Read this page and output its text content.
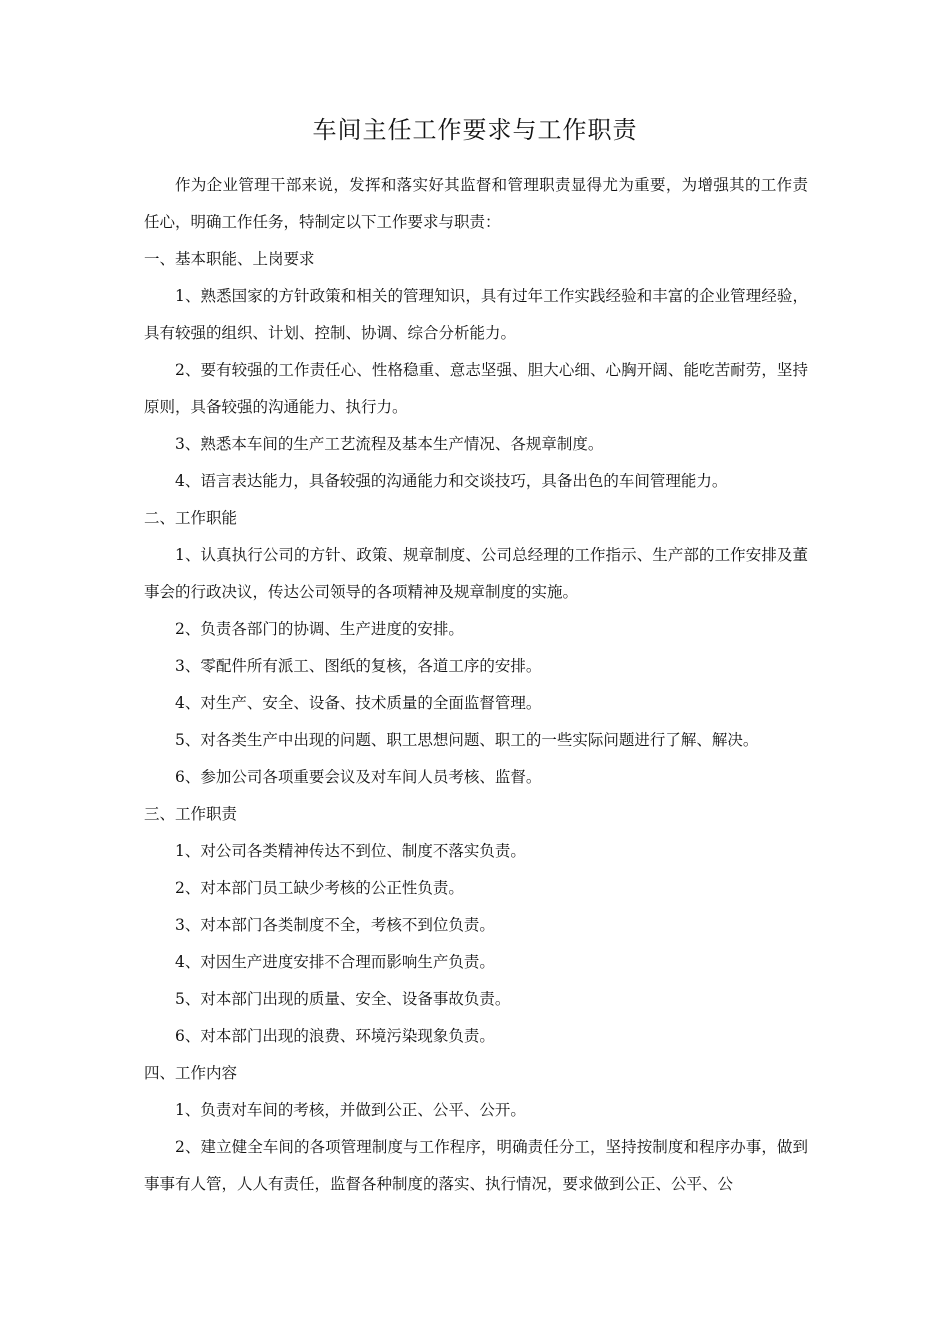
车间主任工作要求与工作职责

作为企业管理干部来说，发挥和落实好其监督和管理职责显得尤为重要，为增强其的工作责任心，明确工作任务，特制定以下工作要求与职责：

一、基本职能、上岗要求

1、熟悉国家的方针政策和相关的管理知识，具有过年工作实践经验和丰富的企业管理经验，具有较强的组织、计划、控制、协调、综合分析能力。

2、要有较强的工作责任心、性格稳重、意志坚强、胆大心细、心胸开阔、能吃苦耐劳，坚持原则，具备较强的沟通能力、执行力。

3、熟悉本车间的生产工艺流程及基本生产情况、各规章制度。

4、语言表达能力，具备较强的沟通能力和交谈技巧，具备出色的车间管理能力。

二、工作职能

1、认真执行公司的方针、政策、规章制度、公司总经理的工作指示、生产部的工作安排及董事会的行政决议，传达公司领导的各项精神及规章制度的实施。

2、负责各部门的协调、生产进度的安排。

3、零配件所有派工、图纸的复核，各道工序的安排。

4、对生产、安全、设备、技术质量的全面监督管理。

5、对各类生产中出现的问题、职工思想问题、职工的一些实际问题进行了解、解决。

6、参加公司各项重要会议及对车间人员考核、监督。

三、工作职责

1、对公司各类精神传达不到位、制度不落实负责。

2、对本部门员工缺少考核的公正性负责。

3、对本部门各类制度不全，考核不到位负责。

4、对因生产进度安排不合理而影响生产负责。

5、对本部门出现的质量、安全、设备事故负责。

6、对本部门出现的浪费、环境污染现象负责。

四、工作内容

1、负责对车间的考核，并做到公正、公平、公开。

2、建立健全车间的各项管理制度与工作程序，明确责任分工，坚持按制度和程序办事，做到事事有人管，人人有责任，监督各种制度的落实、执行情况，要求做到公正、公平、公
